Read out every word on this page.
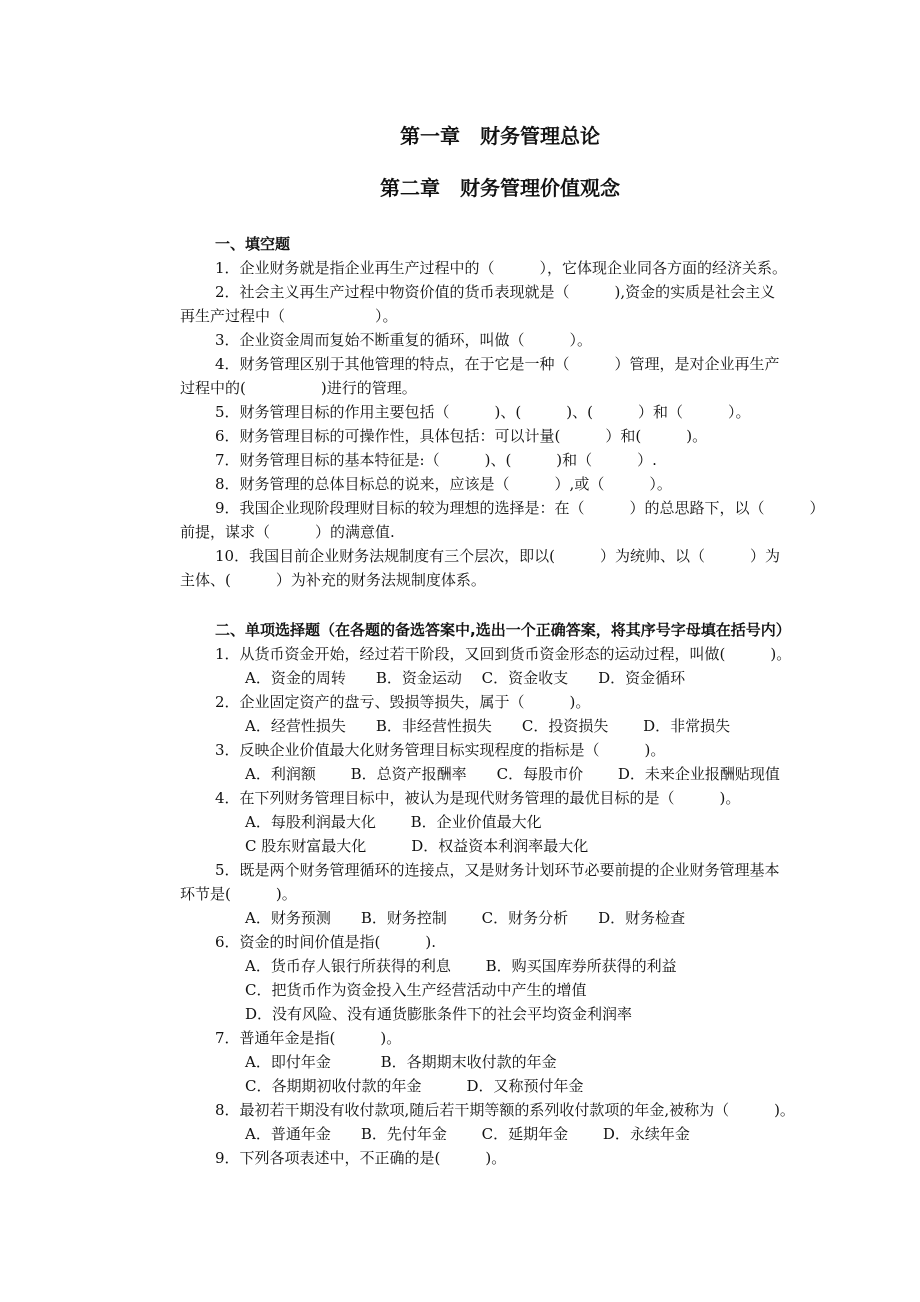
第一章　财务管理总论
第二章　财务管理价值观念
一、填空题
1．企业财务就是指企业再生产过程中的（　　　），它体现企业同各方面的经济关系。
2．社会主义再生产过程中物资价值的货币表现就是（　　　),资金的实质是社会主义
再生产过程中（　　　　　　）。
3．企业资金周而复始不断重复的循环，叫做（　　　）。
4．财务管理区别于其他管理的特点，在于它是一种（　　　）管理，是对企业再生产
过程中的(　　　　　)进行的管理。
5．财务管理目标的作用主要包括（　　　)、(　　　)、(　　　）和（　　　）。
6．财务管理目标的可操作性，具体包括：可以计量(　　　）和(　　　)。
7．财务管理目标的基本特征是:（　　　)、(　　　)和（　　　）.
8．财务管理的总体目标总的说来，应该是（　　　）,或（　　　）。
9．我国企业现阶段理财目标的较为理想的选择是：在（　　　）的总思路下，以（　　　）
前提，谋求（　　　）的满意值.
10．我国目前企业财务法规制度有三个层次，即以(　　　）为统帅、以（　　　）为
主体、(　　　）为补充的财务法规制度体系。
二、单项选择题（在各题的备选答案中,选出一个正确答案，将其序号字母填在括号内）
1．从货币资金开始，经过若干阶段，又回到货币资金形态的运动过程，叫做(　　　)。
A．资金的周转　　B．资金运动　 C．资金收支　　D．资金循环
2．企业固定资产的盘亏、毁损等损失，属于（　　　)。
A．经营性损失　　B．非经营性损失　　C．投资损失　　 D．非常损失
3．反映企业价值最大化财务管理目标实现程度的指标是（　　　)。
A．利润额　　 B．总资产报酬率　　C．每股市价　　 D．未来企业报酬贴现值
4．在下列财务管理目标中，被认为是现代财务管理的最优目标的是（　　　)。
A．每股利润最大化　　 B．企业价值最大化
C 股东财富最大化　　　D．权益资本利润率最大化
5．既是两个财务管理循环的连接点，又是财务计划环节必要前提的企业财务管理基本
环节是(　　　)。
A．财务预测　　B．财务控制　　 C．财务分析　　D．财务检查
6．资金的时间价值是指(　　　).
A．货币存人银行所获得的利息　　 B．购买国库券所获得的利益
C．把货币作为资金投入生产经营活动中产生的增值
D．没有风险、没有通货膨胀条件下的社会平均资金利润率
7．普通年金是指(　　　)。
A．即付年金　　　 B．各期期末收付款的年金
C．各期期初收付款的年金　　　D．又称预付年金
8．最初若干期没有收付款项,随后若干期等额的系列收付款项的年金,被称为（　　　)。
A．普通年金　　B．先付年金　　 C．延期年金　　 D．永续年金
9．下列各项表述中，不正确的是(　　　)。
